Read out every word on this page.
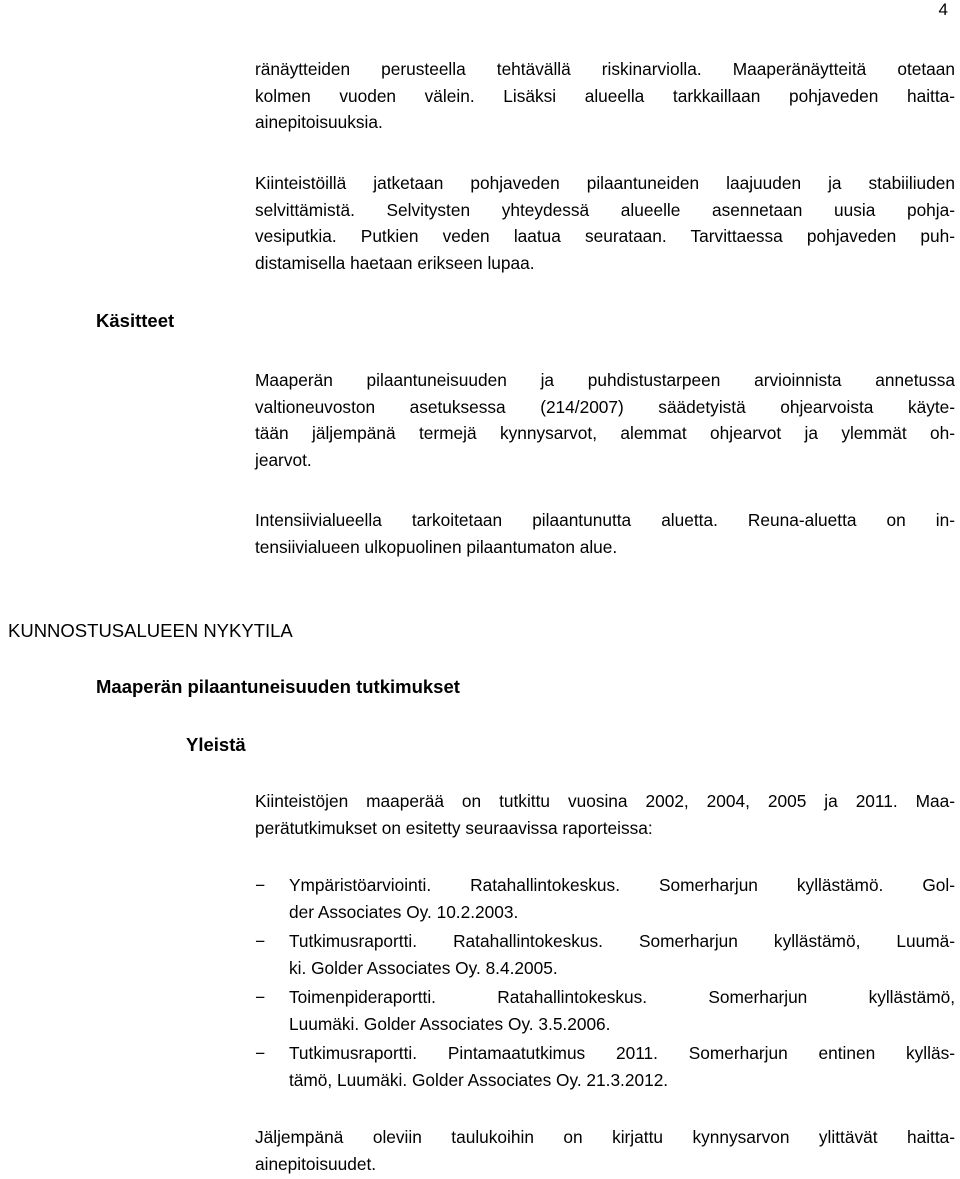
4
ränäytteiden perusteella tehtävällä riskinarviolla. Maaperänäytteitä otetaan
kolmen vuoden välein. Lisäksi alueella tarkkaillaan pohjaveden haitta-
ainepitoisuuksia.
Kiinteistöillä jatketaan pohjaveden pilaantuneiden laajuuden ja stabiiliuden
selvittämistä. Selvitysten yhteydessä alueelle asennetaan uusia pohja-
vesiputkia. Putkien veden laatua seurataan. Tarvittaessa pohjaveden puh-
distamisella haetaan erikseen lupaa.
Käsitteet
Maaperän pilaantuneisuuden ja puhdistustarpeen arvioinnista annetussa
valtioneuvoston asetuksessa (214/2007) säädetyistä ohjearvoista käyte-
tään jäljempänä termejä kynnysarvot, alemmat ohjearvot ja ylemmät oh-
jearvot.
Intensiivialueella tarkoitetaan pilaantunutta aluetta. Reuna-aluetta on in-
tensiivialueen ulkopuolinen pilaantumaton alue.
KUNNOSTUSALUEEN NYKYTILA
Maaperän pilaantuneisuuden tutkimukset
Yleistä
Kiinteistöjen maaperää on tutkittu vuosina 2002, 2004, 2005 ja 2011. Maa-
perätutkimukset on esitetty seuraavissa raporteissa:
− Ympäristöarviointi. Ratahallintokeskus. Somerharjun kyllästämö. Gol-
der Associates Oy. 10.2.2003.
− Tutkimusraportti. Ratahallintokeskus. Somerharjun kyllästämö, Luumä-
ki. Golder Associates Oy. 8.4.2005.
− Toimenpideraportti. Ratahallintokeskus. Somerharjun kyllästämö,
Luumäki. Golder Associates Oy. 3.5.2006.
− Tutkimusraportti. Pintamaatutkimus 2011. Somerharjun entinen kylläs-
tämö, Luumäki. Golder Associates Oy. 21.3.2012.
Jäljempänä oleviin taulukoihin on kirjattu kynnysarvon ylittävät haitta-
ainepitoisuudet.
